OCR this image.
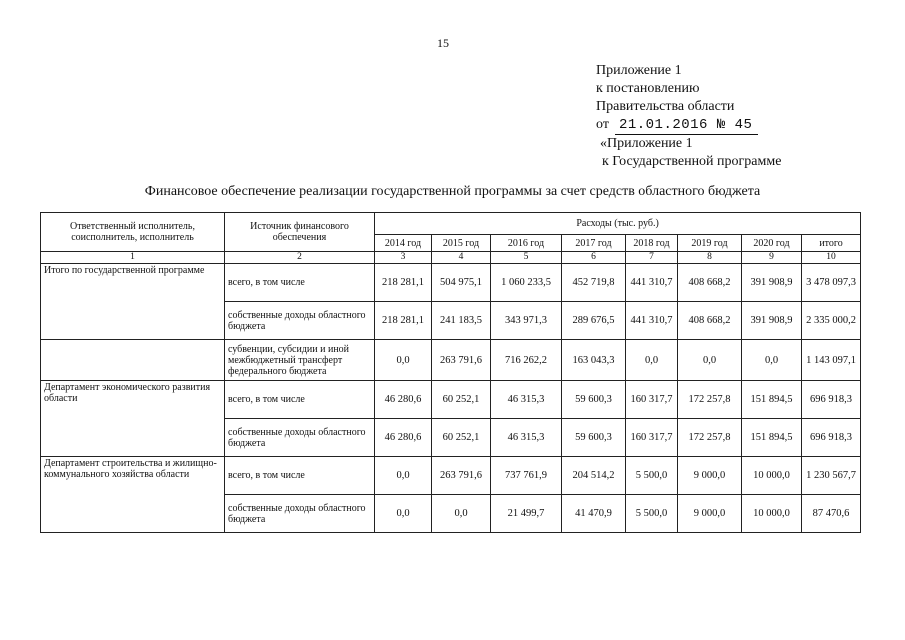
15
Приложение 1
к постановлению
Правительства области
от 21.01.2016 № 45
«Приложение 1
к Государственной программе
Финансовое обеспечение реализации государственной программы за счет средств областного бюджета
Ответственный исполнитель, соисполнитель, исполнитель	Источник финансового обеспечения	Расходы (тыс. руб.)							
		2014 год	2015 год	2016 год	2017 год	2018 год	2019 год	2020 год	итого
1	2	3	4	5	6	7	8	9	10
Итого по государственной программе	всего, в том числе	218 281,1	504 975,1	1 060 233,5	452 719,8	441 310,7	408 668,2	391 908,9	3 478 097,3
	собственные доходы областного бюджета	218 281,1	241 183,5	343 971,3	289 676,5	441 310,7	408 668,2	391 908,9	2 335 000,2
	субвенции, субсидии и иной межбюджетный трансферт федерального бюджета	0,0	263 791,6	716 262,2	163 043,3	0,0	0,0	0,0	1 143 097,1
Департамент экономического развития области	всего, в том числе	46 280,6	60 252,1	46 315,3	59 600,3	160 317,7	172 257,8	151 894,5	696 918,3
	собственные доходы областного бюджета	46 280,6	60 252,1	46 315,3	59 600,3	160 317,7	172 257,8	151 894,5	696 918,3
Департамент строительства и жилищно-коммунального хозяйства области	всего, в том числе	0,0	263 791,6	737 761,9	204 514,2	5 500,0	9 000,0	10 000,0	1 230 567,7
	собственные доходы областного бюджета	0,0	0,0	21 499,7	41 470,9	5 500,0	9 000,0	10 000,0	87 470,6
